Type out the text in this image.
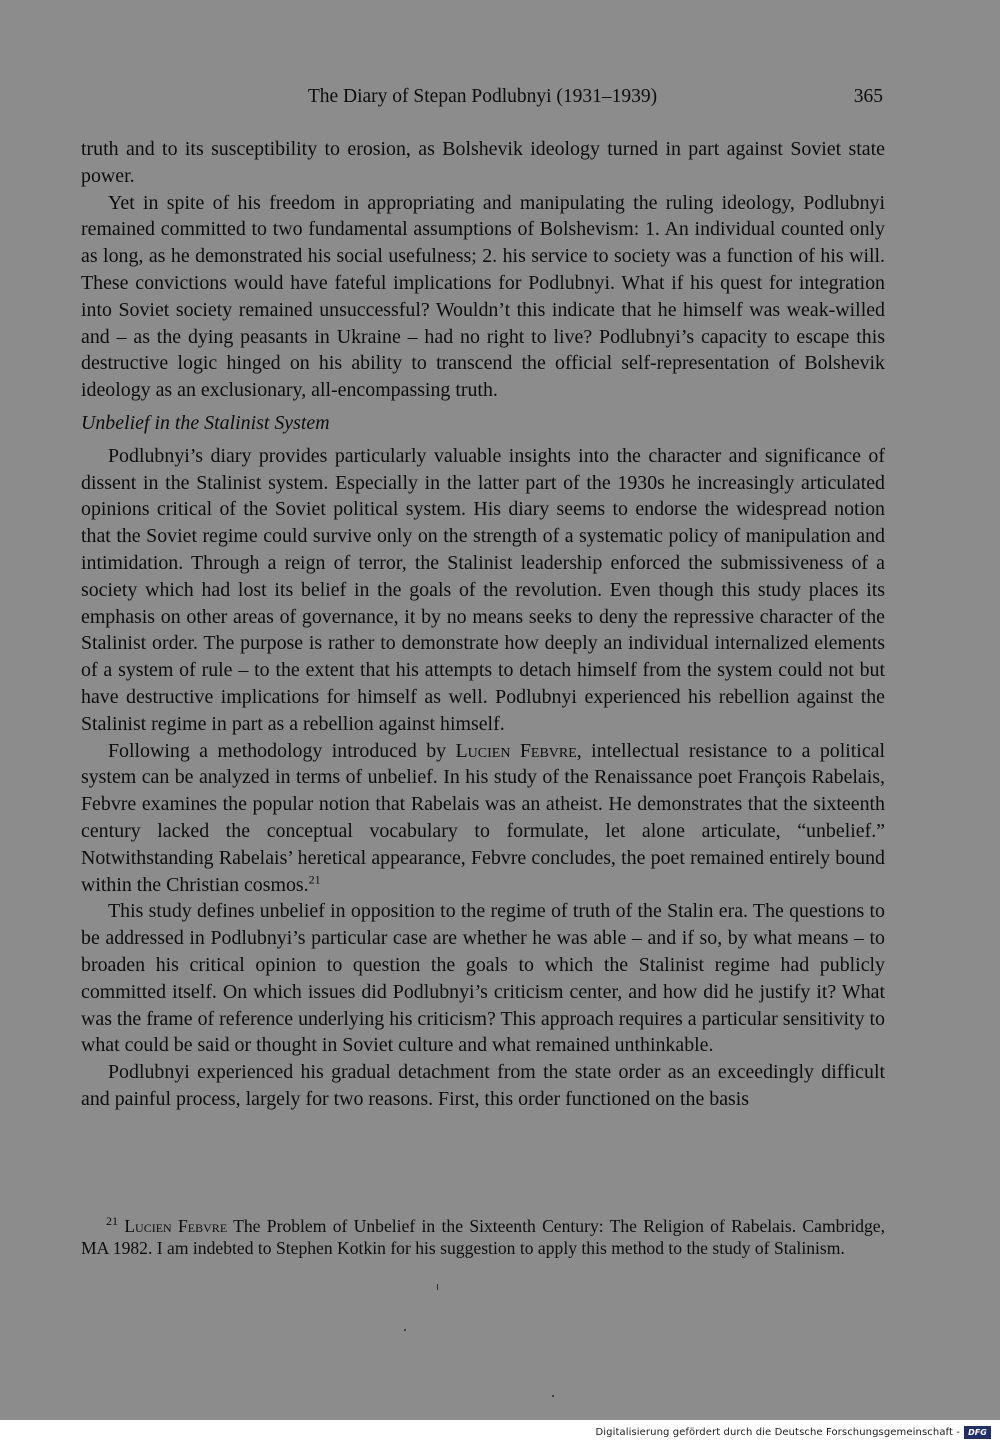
The Diary of Stepan Podlubnyi (1931–1939)	365

truth and to its susceptibility to erosion, as Bolshevik ideology turned in part against Soviet state power.

Yet in spite of his freedom in appropriating and manipulating the ruling ideology, Podlubnyi remained committed to two fundamental assumptions of Bolshevism: 1. An individual counted only as long, as he demonstrated his social usefulness; 2. his service to society was a function of his will. These convictions would have fateful implications for Podlubnyi. What if his quest for integration into Soviet society remained unsuccessful? Wouldn’t this indicate that he himself was weak-willed and – as the dying peasants in Ukraine – had no right to live? Podlubnyi’s capacity to escape this destructive logic hinged on his ability to transcend the official self-representation of Bolshevik ideology as an exclusionary, all-encompassing truth.

Unbelief in the Stalinist System

Podlubnyi’s diary provides particularly valuable insights into the character and significance of dissent in the Stalinist system. Especially in the latter part of the 1930s he increasingly articulated opinions critical of the Soviet political system. His diary seems to endorse the widespread notion that the Soviet regime could survive only on the strength of a systematic policy of manipulation and intimidation. Through a reign of terror, the Stalinist leadership enforced the submissiveness of a society which had lost its belief in the goals of the revolution. Even though this study places its emphasis on other areas of governance, it by no means seeks to deny the repressive character of the Stalinist order. The purpose is rather to demonstrate how deeply an individual internalized elements of a system of rule – to the extent that his attempts to detach himself from the system could not but have destructive implications for himself as well. Podlubnyi experienced his rebellion against the Stalinist regime in part as a rebellion against himself.

Following a methodology introduced by Lucien Febvre, intellectual resistance to a political system can be analyzed in terms of unbelief. In his study of the Renaissance poet François Rabelais, Febvre examines the popular notion that Rabelais was an atheist. He demonstrates that the sixteenth century lacked the conceptual vocabulary to formulate, let alone articulate, “unbelief.” Notwithstanding Rabelais’ heretical appearance, Febvre concludes, the poet remained entirely bound within the Christian cosmos.$^{21}$

This study defines unbelief in opposition to the regime of truth of the Stalin era. The questions to be addressed in Podlubnyi’s particular case are whether he was able – and if so, by what means – to broaden his critical opinion to question the goals to which the Stalinist regime had publicly committed itself. On which issues did Podlubnyi’s criticism center, and how did he justify it? What was the frame of reference underlying his criticism? This approach requires a particular sensitivity to what could be said or thought in Soviet culture and what remained unthinkable.

Podlubnyi experienced his gradual detachment from the state order as an exceedingly difficult and painful process, largely for two reasons. First, this order functioned on the basis

$^{21}$ Lucien Febvre The Problem of Unbelief in the Sixteenth Century: The Religion of Rabelais. Cambridge, MA 1982. I am indebted to Stephen Kotkin for his suggestion to apply this method to the study of Stalinism.

Digitalisierung gefördert durch die Deutsche Forschungsgemeinschaft -	DFG
